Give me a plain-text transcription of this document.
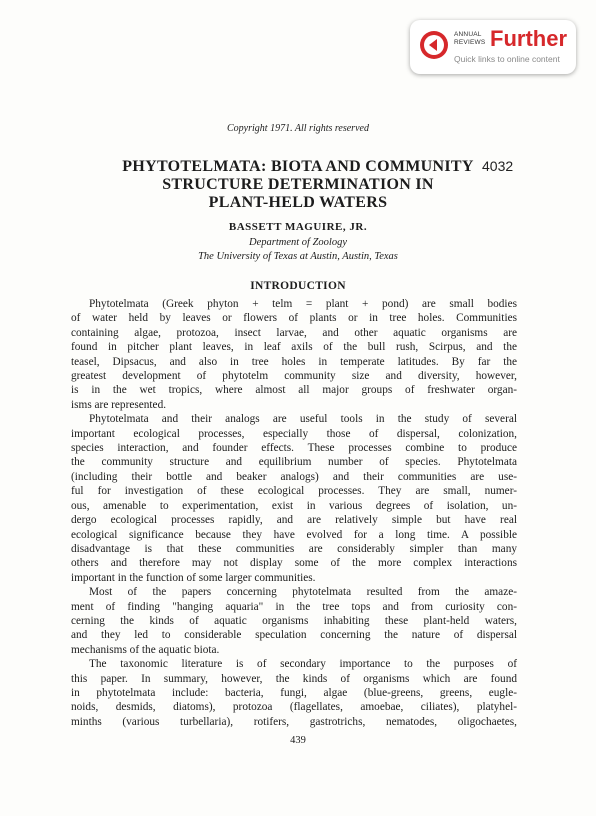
ANNUAL
REVIEWS Further
Quick links to online content
Copyright 1971. All rights reserved
4032
PHYTOTELMATA: BIOTA AND COMMUNITY
STRUCTURE DETERMINATION IN
PLANT-HELD WATERS
BASSETT MAGUIRE, JR.
Department of Zoology
The University of Texas at Austin, Austin, Texas
INTRODUCTION
Phytotelmata (Greek phyton + telm = plant + pond) are small bodies
of water held by leaves or flowers of plants or in tree holes. Communities
containing algae, protozoa, insect larvae, and other aquatic organisms are
found in pitcher plant leaves, in leaf axils of the bull rush, Scirpus, and the
teasel, Dipsacus, and also in tree holes in temperate latitudes. By far the
greatest development of phytotelm community size and diversity, however,
is in the wet tropics, where almost all major groups of freshwater organ-
isms are represented.
Phytotelmata and their analogs are useful tools in the study of several
important ecological processes, especially those of dispersal, colonization,
species interaction, and founder effects. These processes combine to produce
the community structure and equilibrium number of species. Phytotelmata
(including their bottle and beaker analogs) and their communities are use-
ful for investigation of these ecological processes. They are small, numer-
ous, amenable to experimentation, exist in various degrees of isolation, un-
dergo ecological processes rapidly, and are relatively simple but have real
ecological significance because they have evolved for a long time. A possible
disadvantage is that these communities are considerably simpler than many
others and therefore may not display some of the more complex interactions
important in the function of some larger communities.
Most of the papers concerning phytotelmata resulted from the amaze-
ment of finding "hanging aquaria" in the tree tops and from curiosity con-
cerning the kinds of aquatic organisms inhabiting these plant-held waters,
and they led to considerable speculation concerning the nature of dispersal
mechanisms of the aquatic biota.
The taxonomic literature is of secondary importance to the purposes of
this paper. In summary, however, the kinds of organisms which are found
in phytotelmata include: bacteria, fungi, algae (blue-greens, greens, eugle-
noids, desmids, diatoms), protozoa (flagellates, amoebae, ciliates), platyhel-
minths (various turbellaria), rotifers, gastrotrichs, nematodes, oligochaetes,
439
